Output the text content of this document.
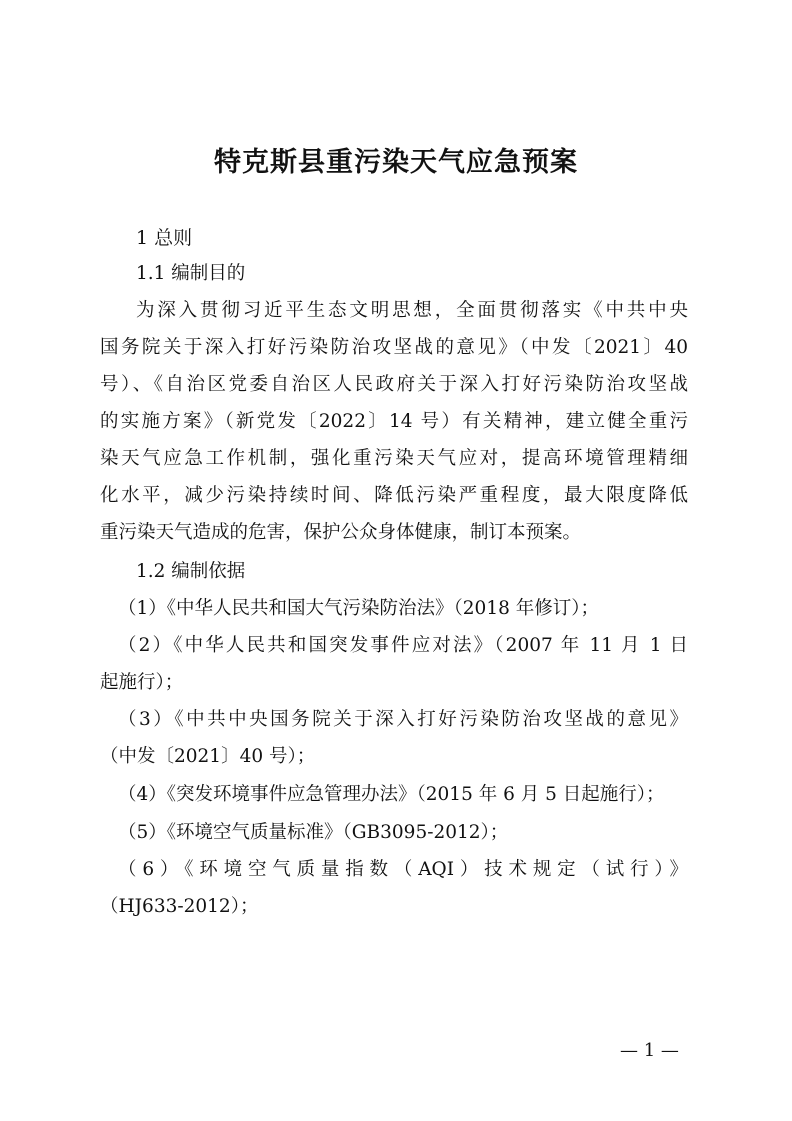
特克斯县重污染天气应急预案
1 总则
1.1 编制目的
为深入贯彻习近平生态文明思想，全面贯彻落实《中共中央
国务院关于深入打好污染防治攻坚战的意见》（中发〔2021〕40
号）、《自治区党委自治区人民政府关于深入打好污染防治攻坚战
的实施方案》（新党发〔2022〕14 号）有关精神，建立健全重污
染天气应急工作机制，强化重污染天气应对，提高环境管理精细
化水平，减少污染持续时间、降低污染严重程度，最大限度降低
重污染天气造成的危害，保护公众身体健康，制订本预案。
1.2 编制依据
（1）《中华人民共和国大气污染防治法》（2018 年修订）；
（2）《中华人民共和国突发事件应对法》（2007 年 11 月 1 日
起施行）；
（3）《中共中央国务院关于深入打好污染防治攻坚战的意见》
（中发〔2021〕40 号）；
（4）《突发环境事件应急管理办法》（2015 年 6 月 5 日起施行）；
（5）《环境空气质量标准》（GB3095-2012）；
（6）《环境空气质量指数（AQI）技术规定（试行）》
（HJ633-2012）；
— 1 —
